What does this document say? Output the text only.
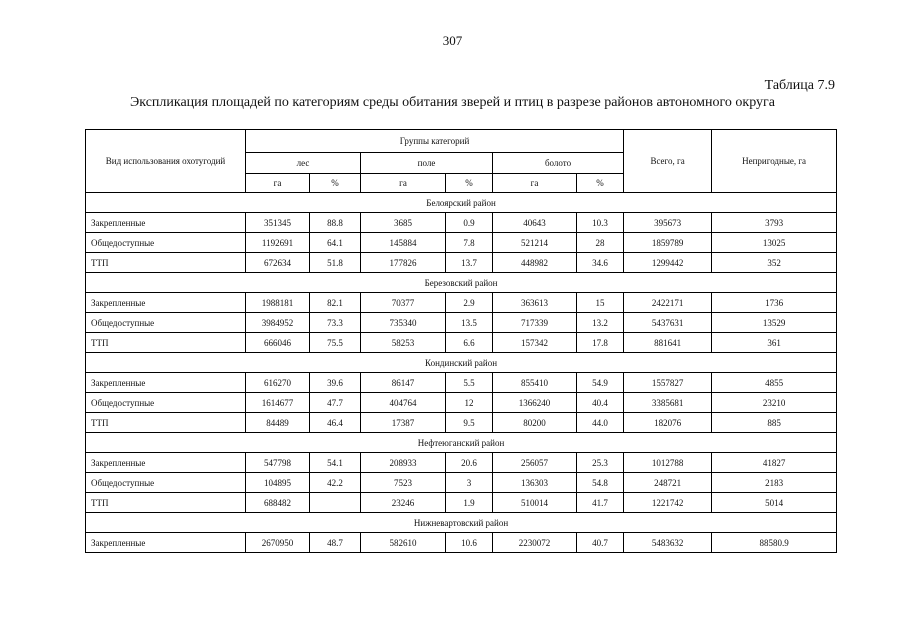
307
Таблица 7.9
Экспликация площадей по категориям среды обитания зверей и птиц в разрезе районов автономного округа
Вид использования охотугодий	Группы категорий						Всего, га	Непригодные, га
	лес		поле		болото			
	га	%	га	%	га	%		
Белоярский район								
Закрепленные	351345	88.8	3685	0.9	40643	10.3	395673	3793
Общедоступные	1192691	64.1	145884	7.8	521214	28	1859789	13025
ТТП	672634	51.8	177826	13.7	448982	34.6	1299442	352
Березовский район								
Закрепленные	1988181	82.1	70377	2.9	363613	15	2422171	1736
Общедоступные	3984952	73.3	735340	13.5	717339	13.2	5437631	13529
ТТП	666046	75.5	58253	6.6	157342	17.8	881641	361
Кондинский район								
Закрепленные	616270	39.6	86147	5.5	855410	54.9	1557827	4855
Общедоступные	1614677	47.7	404764	12	1366240	40.4	3385681	23210
ТТП	84489	46.4	17387	9.5	80200	44.0	182076	885
Нефтеюганский район								
Закрепленные	547798	54.1	208933	20.6	256057	25.3	1012788	41827
Общедоступные	104895	42.2	7523	3	136303	54.8	248721	2183
ТТП	688482		23246	1.9	510014	41.7	1221742	5014
Нижневартовский район								
Закрепленные	2670950	48.7	582610	10.6	2230072	40.7	5483632	88580.9
